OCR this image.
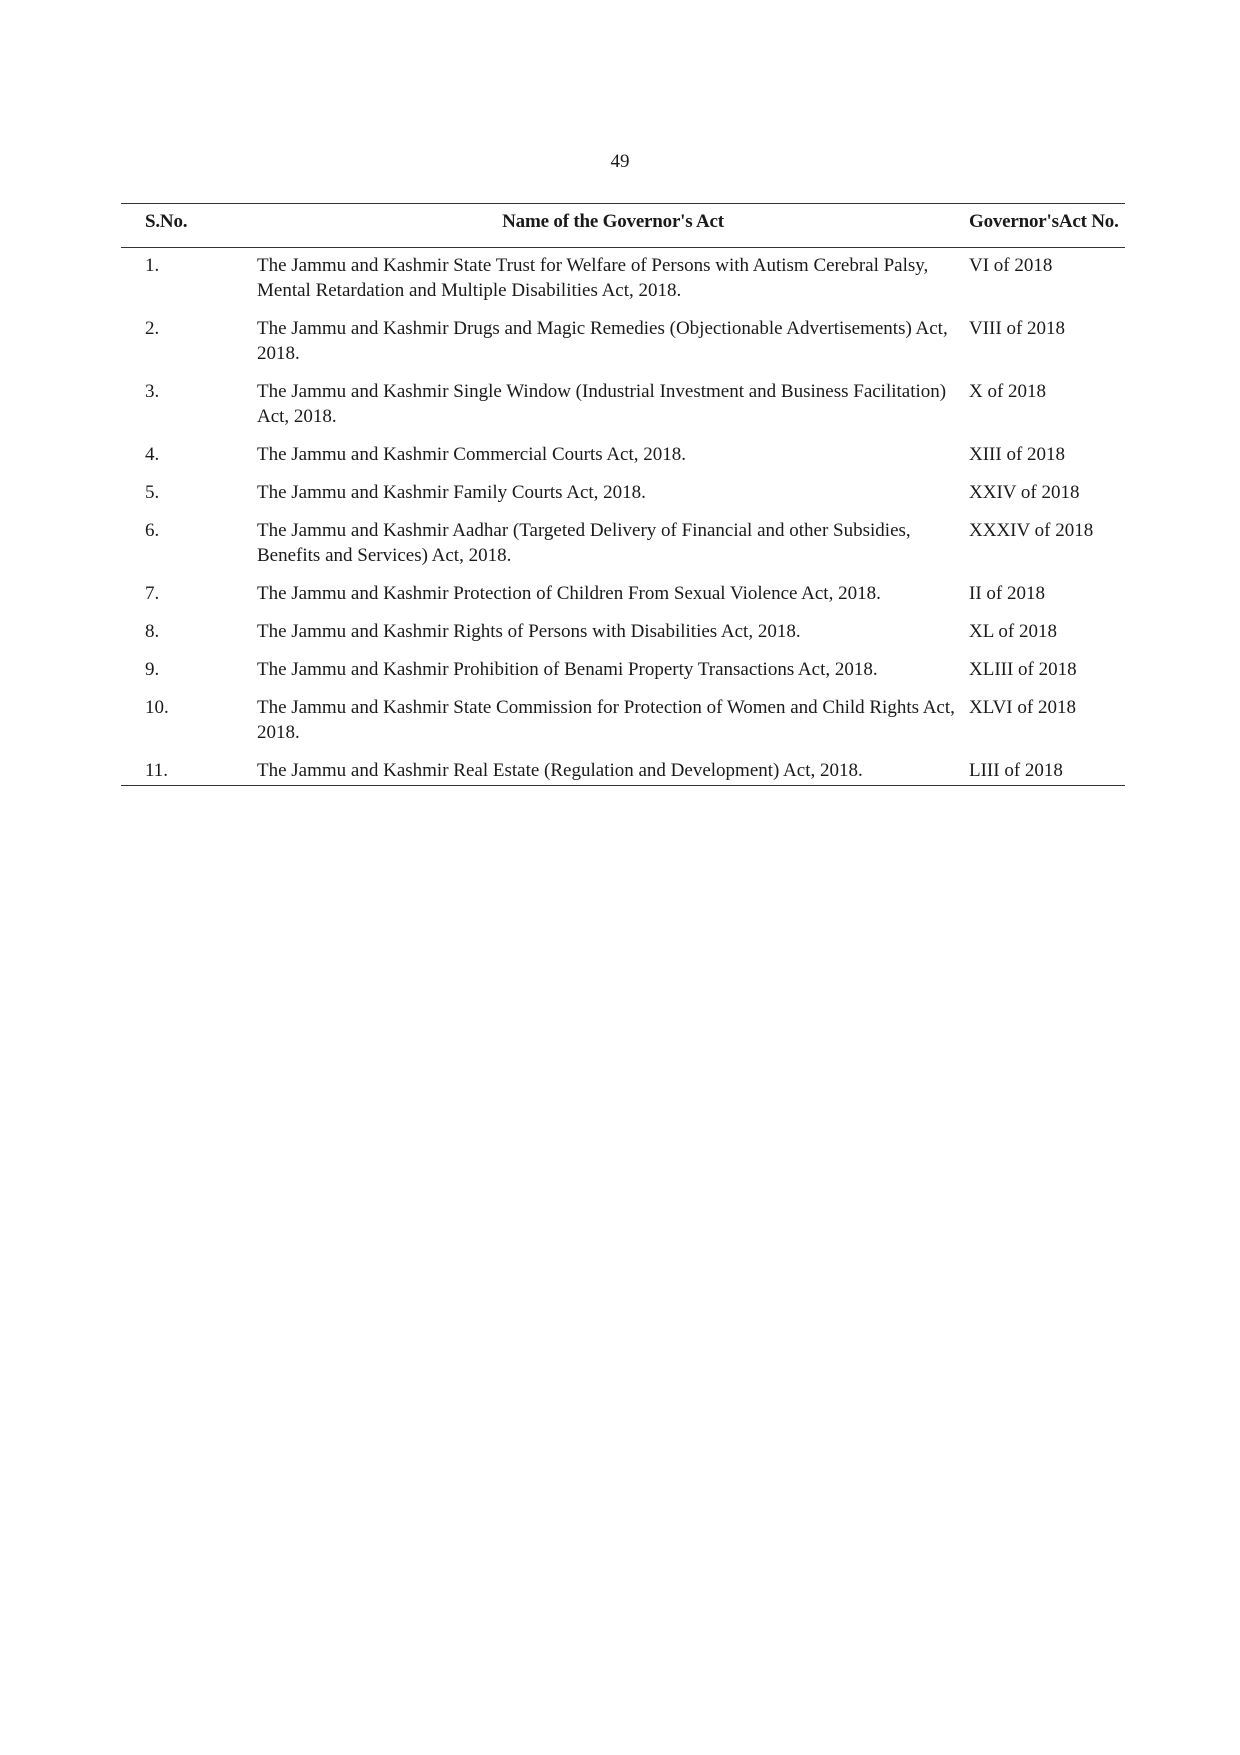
49
S.No.	Name of the Governor's Act	Governor'sAct No.
1.	The Jammu and Kashmir State Trust for Welfare of Persons with Autism Cerebral Palsy, Mental Retardation and Multiple Disabilities Act, 2018.	VI of 2018
2.	The Jammu and Kashmir Drugs and Magic Remedies (Objectionable Advertisements) Act, 2018.	VIII of 2018
3.	The Jammu and Kashmir Single Window (Industrial Investment and Business Facilitation) Act, 2018.	X of 2018
4.	The Jammu and Kashmir Commercial Courts Act, 2018.	XIII of 2018
5.	The Jammu and Kashmir Family Courts Act, 2018.	XXIV of 2018
6.	The Jammu and Kashmir Aadhar (Targeted Delivery of Financial and other Subsidies, Benefits and Services) Act, 2018.	XXXIV of 2018
7.	The Jammu and Kashmir Protection of Children From Sexual Violence Act, 2018.	II of 2018
8.	The Jammu and Kashmir Rights of Persons with Disabilities Act, 2018.	XL of 2018
9.	The Jammu and Kashmir Prohibition of Benami Property Transactions Act, 2018.	XLIII of 2018
10.	The Jammu and Kashmir State Commission for Protection of Women and Child Rights Act, 2018.	XLVI of 2018
11.	The Jammu and Kashmir Real Estate (Regulation and Development) Act, 2018.	LIII of 2018
